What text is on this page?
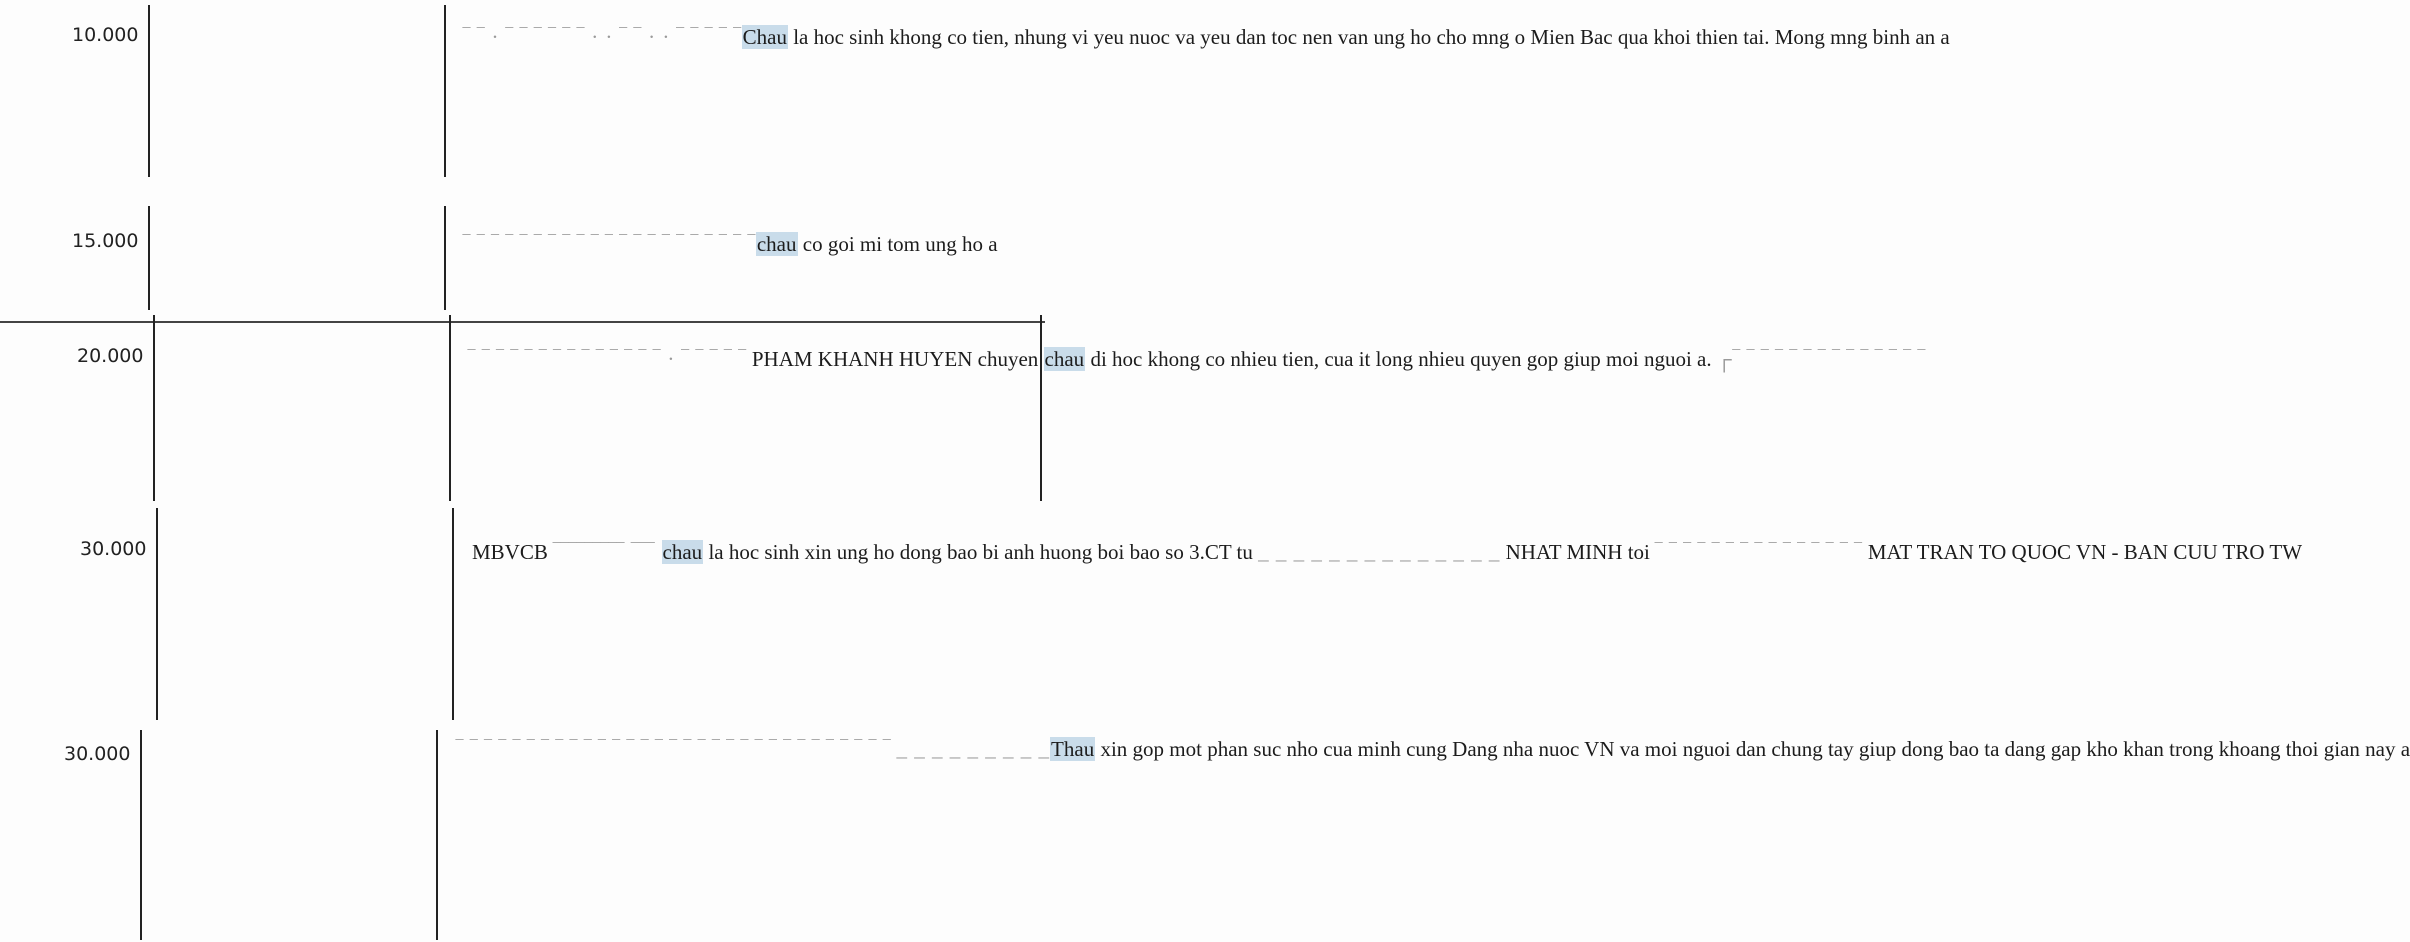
10.000	‾ ‾ · ‾ ‾ ‾ ‾ ‾ ‾ · · ‾ ‾ · · ‾ ‾ ‾ ‾ ‾Chau la hoc sinh khong co tien, nhung vi yeu nuoc va yeu dan toc nen van ung ho cho mng o Mien Bac qua khoi thien tai. Mong mng binh an a
15.000	‾ ‾ ‾ ‾ ‾ ‾ ‾ ‾ ‾ ‾ ‾ ‾ ‾ ‾ ‾ ‾ ‾ ‾ ‾ ‾ ‾chau co goi mi tom ung ho a
20.000	‾ ‾ ‾ ‾ ‾ ‾ ‾ ‾ ‾ ‾ ‾ ‾ ‾ ‾ · ‾ ‾ ‾ ‾ ‾ PHAM KHANH HUYEN chuyen chau di hoc khong co nhieu tien, cua it long nhieu quyen gop giup moi nguoi a. ┌‾ ‾ ‾ ‾ ‾ ‾ ‾ ‾ ‾ ‾ ‾ ‾ ‾ ‾
30.000	MBVCB ‾‾‾‾‾‾‾‾‾ ‾‾‾ chau la hoc sinh xin ung ho dong bao bi anh huong boi bao so 3.CT tu _ _ _ _ _ _ _ _ _ _ _ _ _ _ NHAT MINH toi ‾ ‾ ‾ ‾ ‾ ‾ ‾ ‾ ‾ ‾ ‾ ‾ ‾ ‾ ‾ MAT TRAN TO QUOC VN - BAN CUU TRO TW
30.000	‾ ‾ ‾ ‾ ‾ ‾ ‾ ‾ ‾ ‾ ‾ ‾ ‾ ‾ ‾ ‾ ‾ ‾ ‾ ‾ ‾ ‾ ‾ ‾ ‾ ‾ ‾ ‾ ‾ ‾ ‾ _ _ _ _ _ _ _ _ _Thau xin gop mot phan suc nho cua minh cung Dang nha nuoc VN va moi nguoi dan chung tay giup dong bao ta dang gap kho khan trong khoang thoi gian nay a
